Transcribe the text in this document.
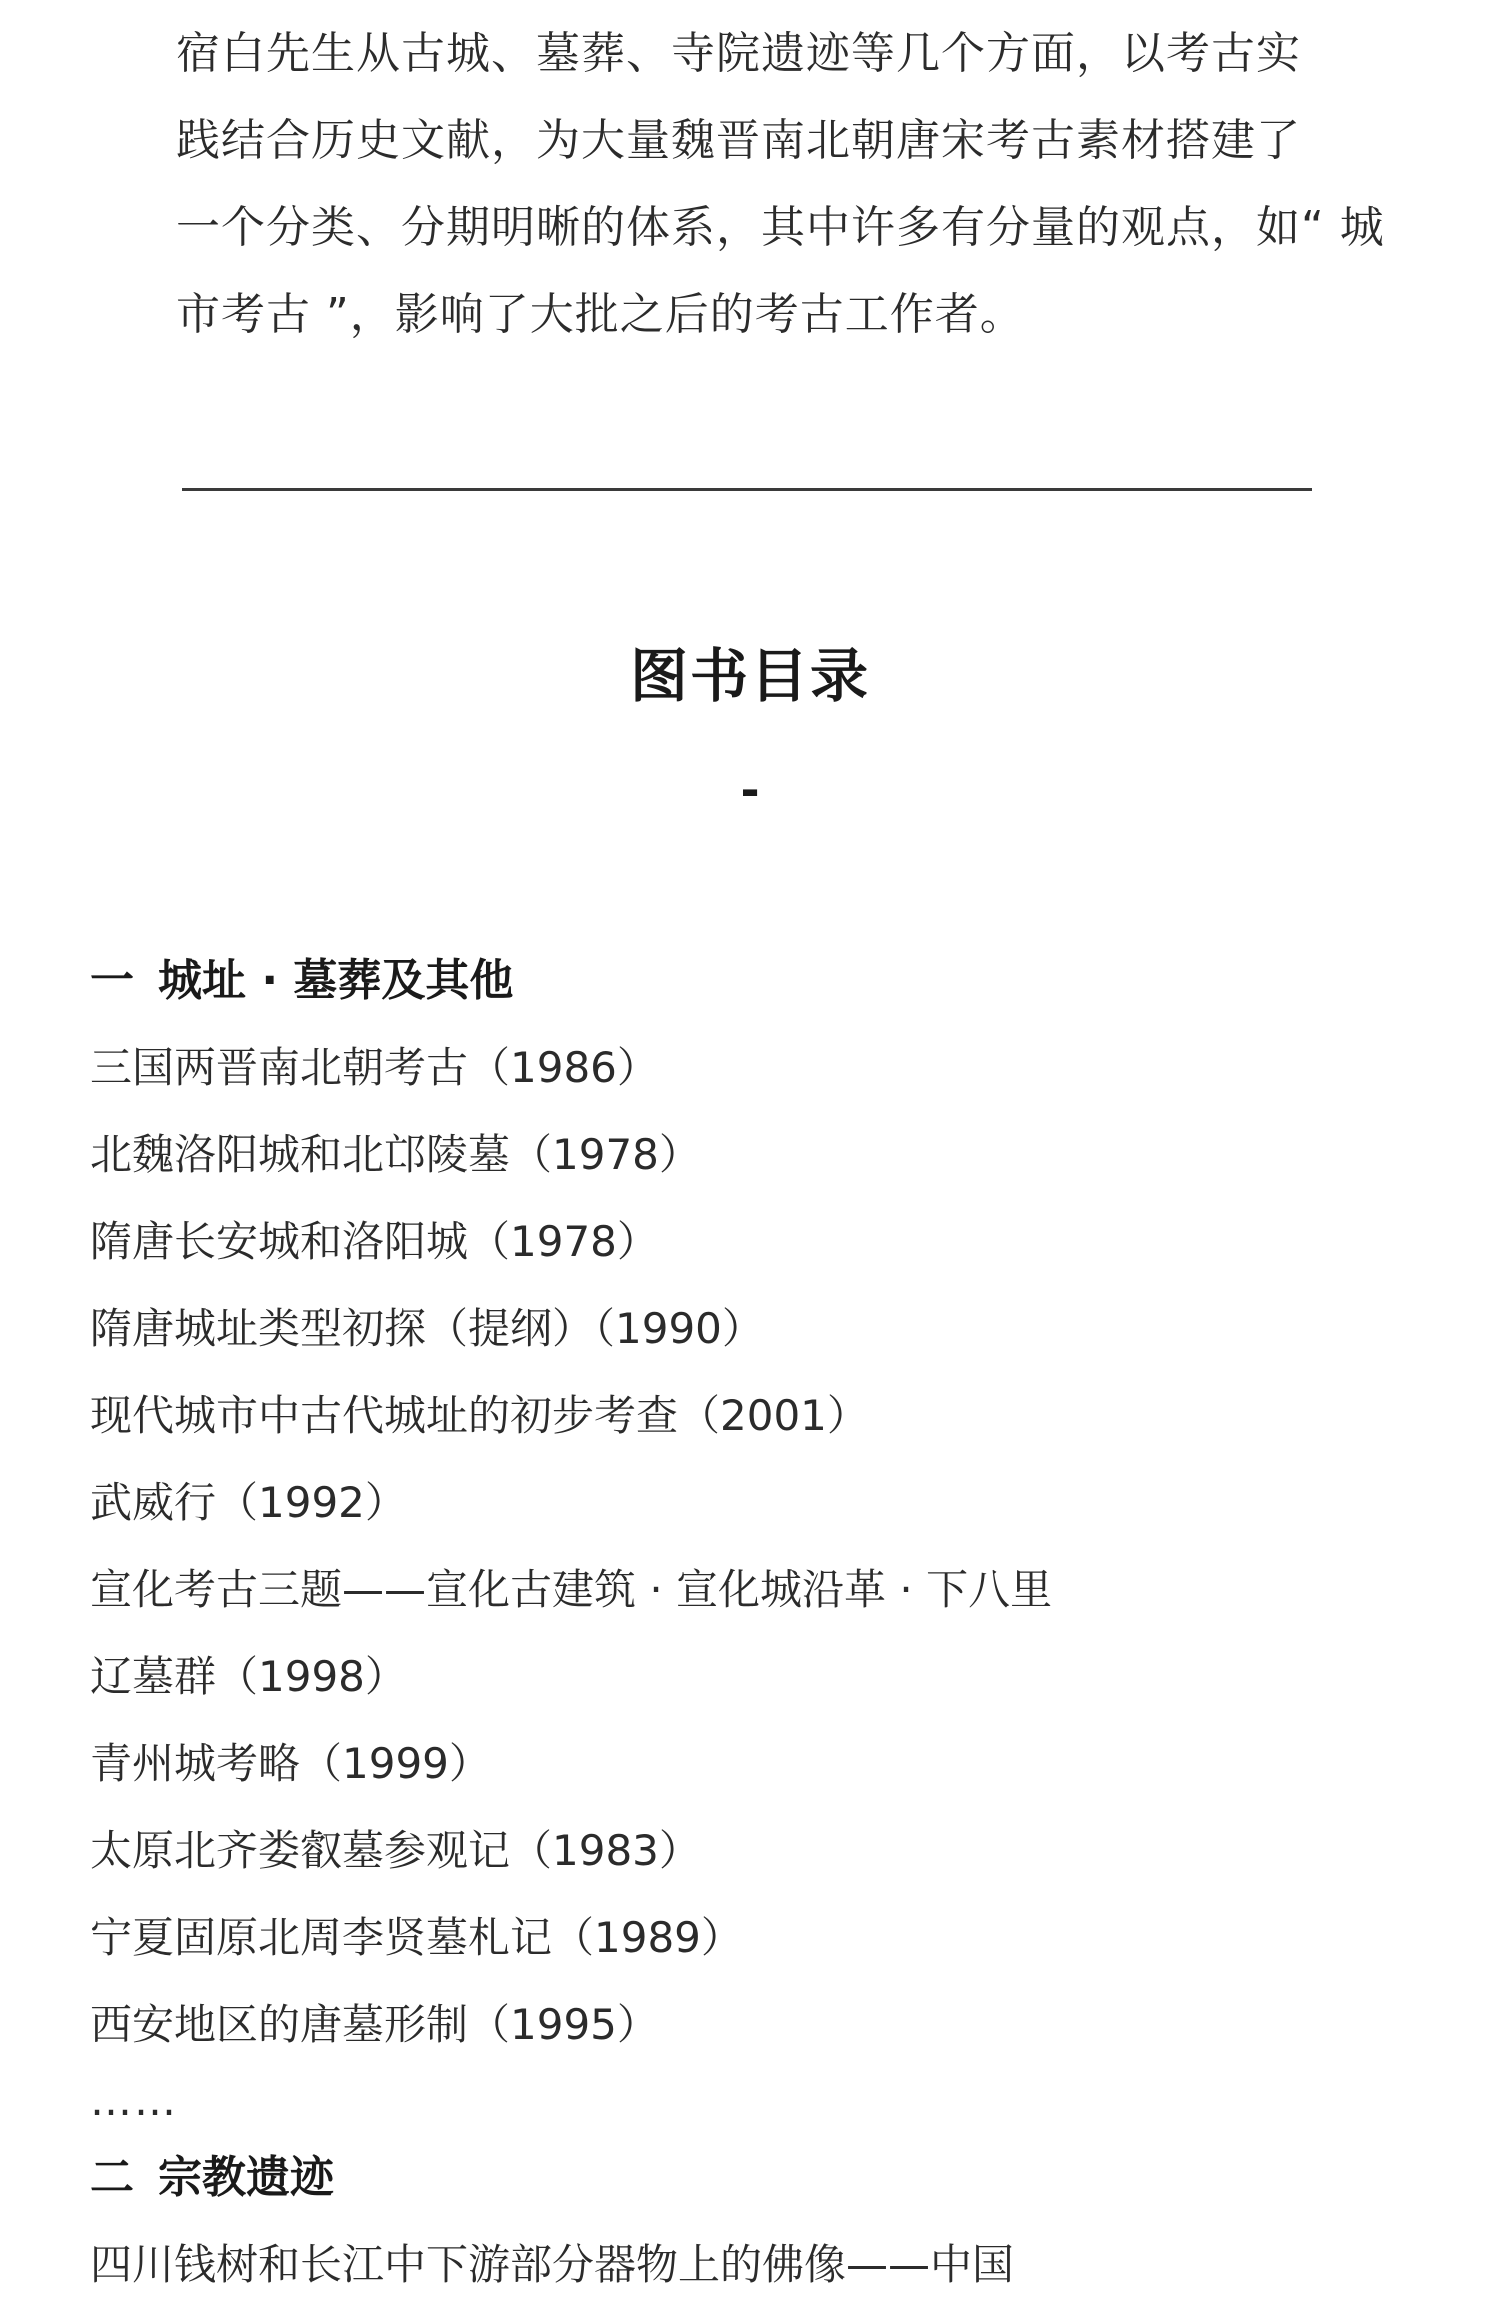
宿白先生从古城、墓葬、寺院遗迹等几个方面，以考古实
践结合历史文献，为大量魏晋南北朝唐宋考古素材搭建了
一个分类、分期明晰的体系，其中许多有分量的观点，如“ 城
市考古 ”，影响了大批之后的考古工作者。
图书目录
-
一 城址 · 墓葬及其他
三国两晋南北朝考古（1986）
北魏洛阳城和北邙陵墓（1978）
隋唐长安城和洛阳城（1978）
隋唐城址类型初探（提纲）（1990）
现代城市中古代城址的初步考查（2001）
武威行（1992）
宣化考古三题——宣化古建筑 · 宣化城沿革 · 下八里
辽墓群（1998）
青州城考略（1999）
太原北齐娄叡墓参观记（1983）
宁夏固原北周李贤墓札记（1989）
西安地区的唐墓形制（1995）
……
二 宗教遗迹
四川钱树和长江中下游部分器物上的佛像——中国
